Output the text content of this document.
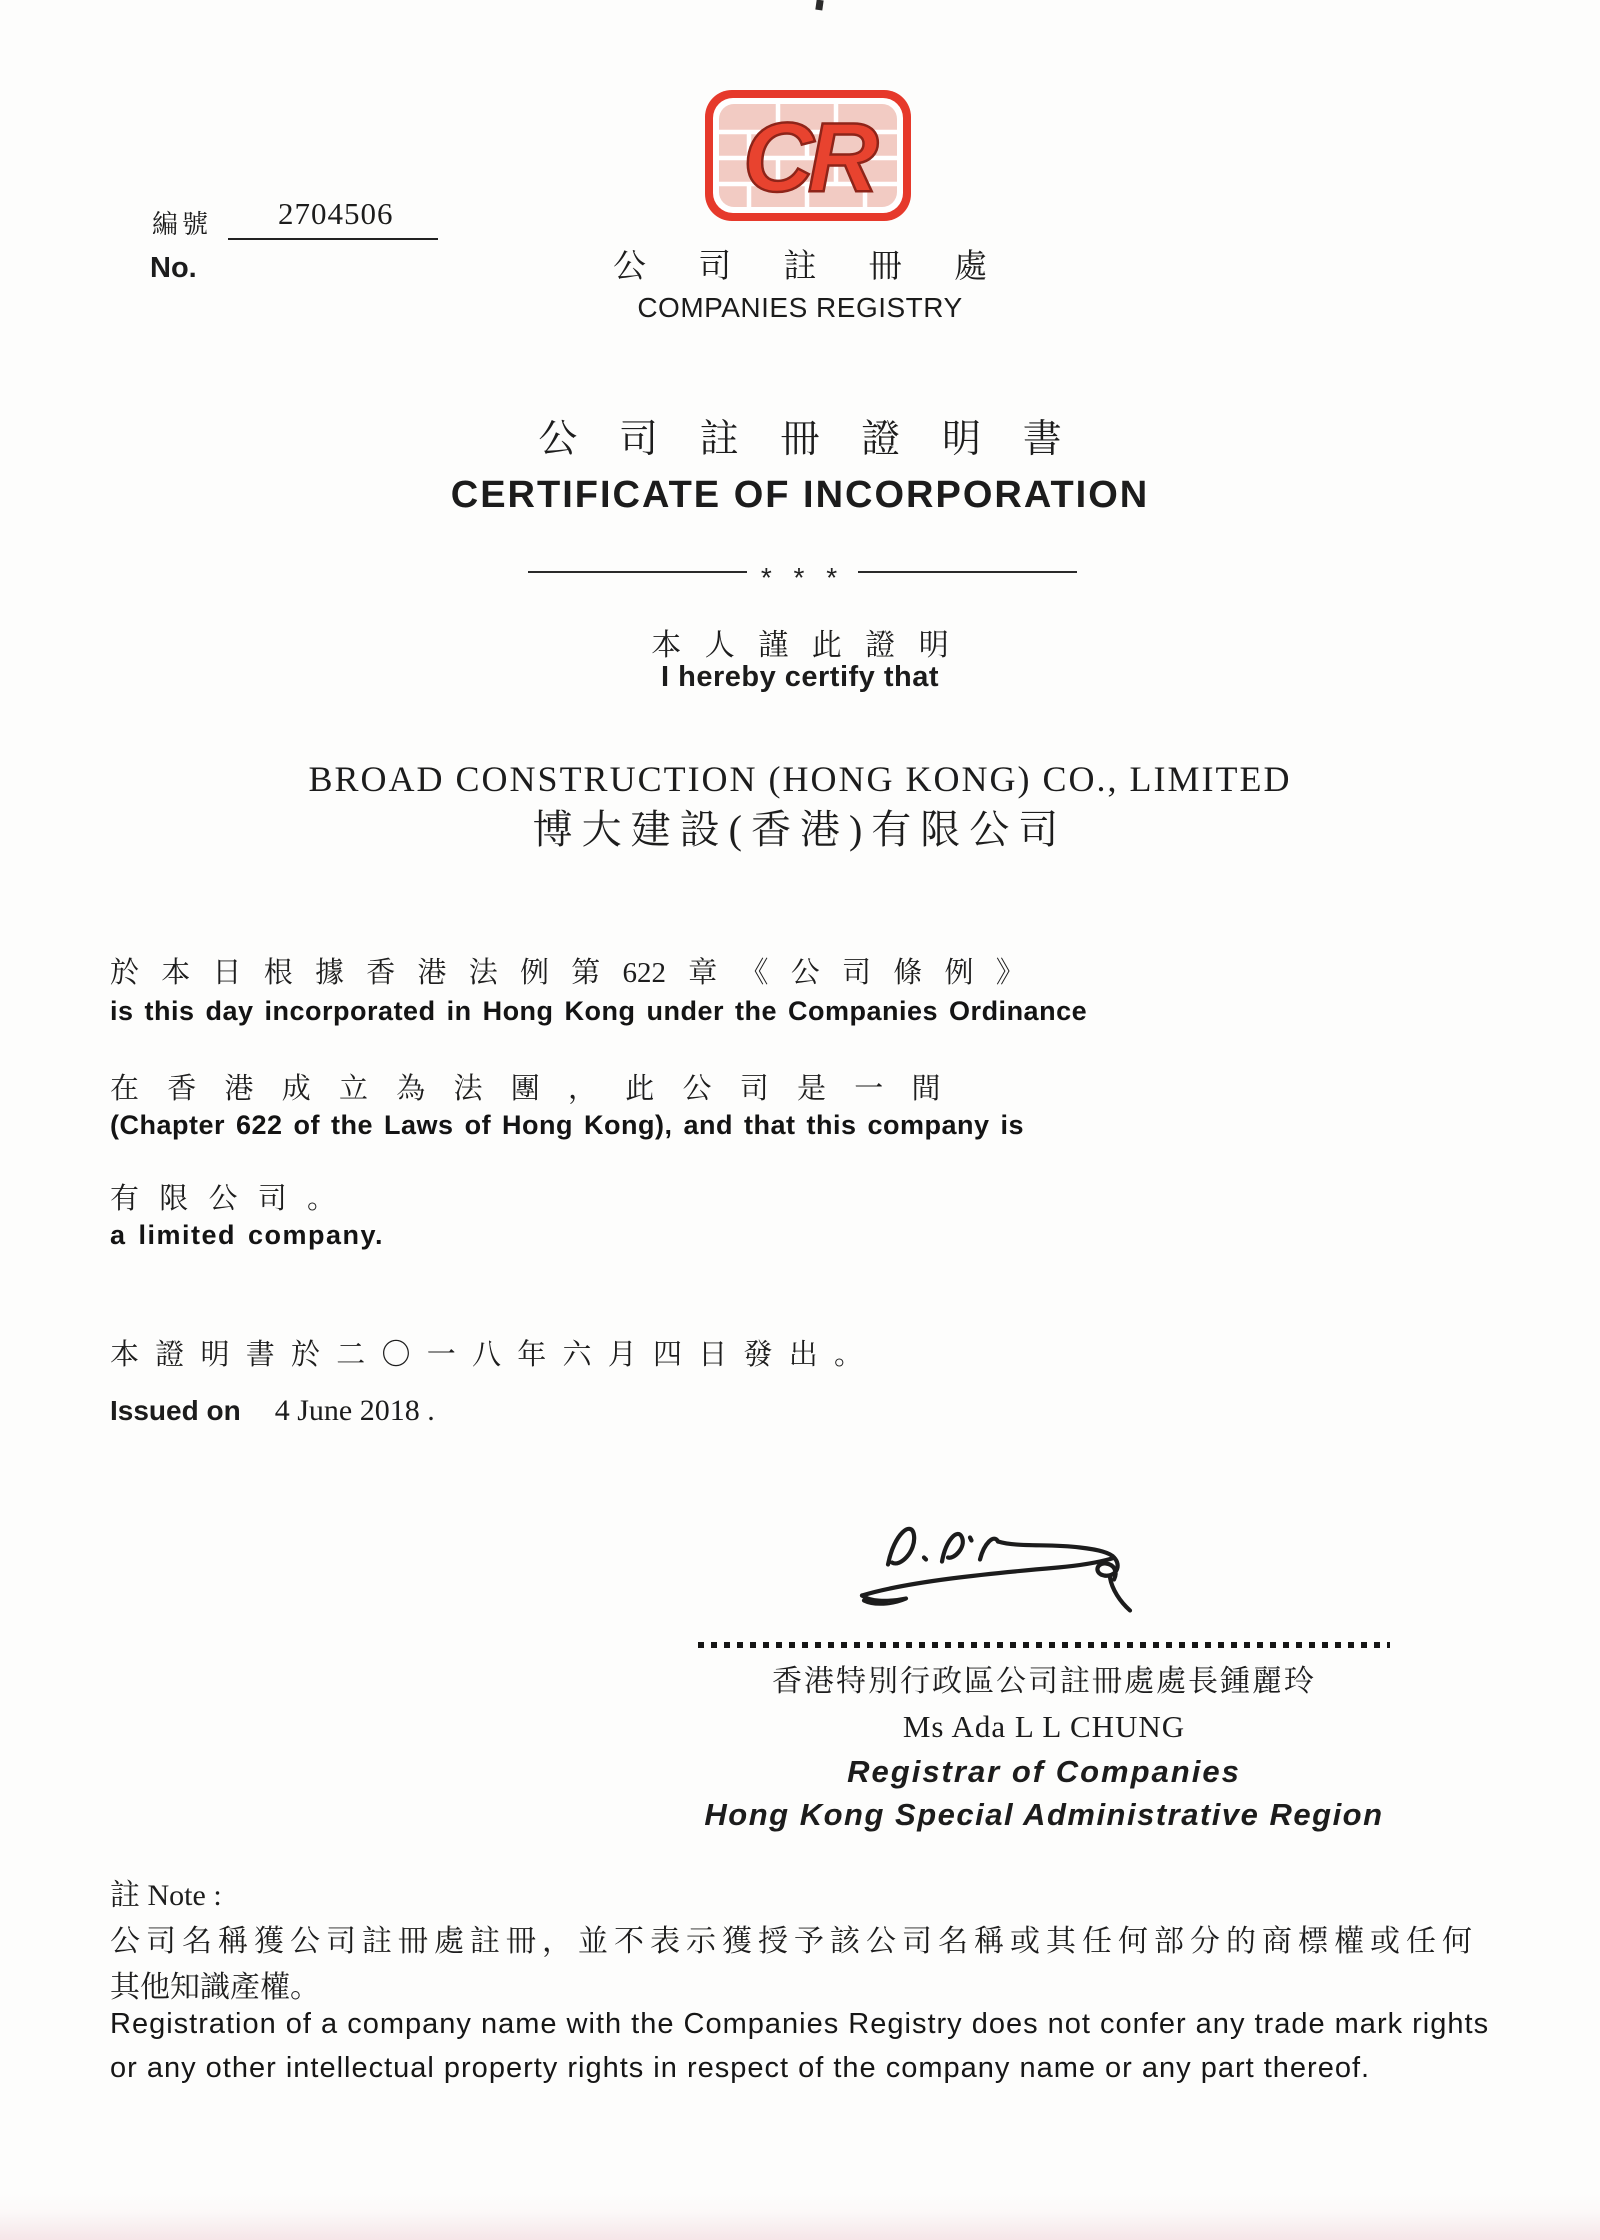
編號 2704506
No.
CR
公 司 註 冊 處
COMPANIES REGISTRY
公 司 註 冊 證 明 書
CERTIFICATE OF INCORPORATION
* * *
本 人 謹 此 證 明
I hereby certify that
BROAD CONSTRUCTION (HONG KONG) CO., LIMITED
博大建設(香港)有限公司
於 本 日 根 據 香 港 法 例 第 622 章 《 公 司 條 例 》
is this day incorporated in Hong Kong under the Companies Ordinance
在 香 港 成 立 為 法 團 ， 此 公 司 是 一 間
(Chapter 622 of the Laws of Hong Kong), and that this company is
有 限 公 司 。
a limited company.
本 證 明 書 於 二 〇 一 八 年 六 月 四 日 發 出 。
Issued on 4 June 2018 .
香港特別行政區公司註冊處處長鍾麗玲
Ms Ada L L CHUNG
Registrar of Companies
Hong Kong Special Administrative Region
註 Note :
公司名稱獲公司註冊處註冊，並不表示獲授予該公司名稱或其任何部分的商標權或任何
其他知識產權。
Registration of a company name with the Companies Registry does not confer any trade mark rights
or any other intellectual property rights in respect of the company name or any part thereof.
